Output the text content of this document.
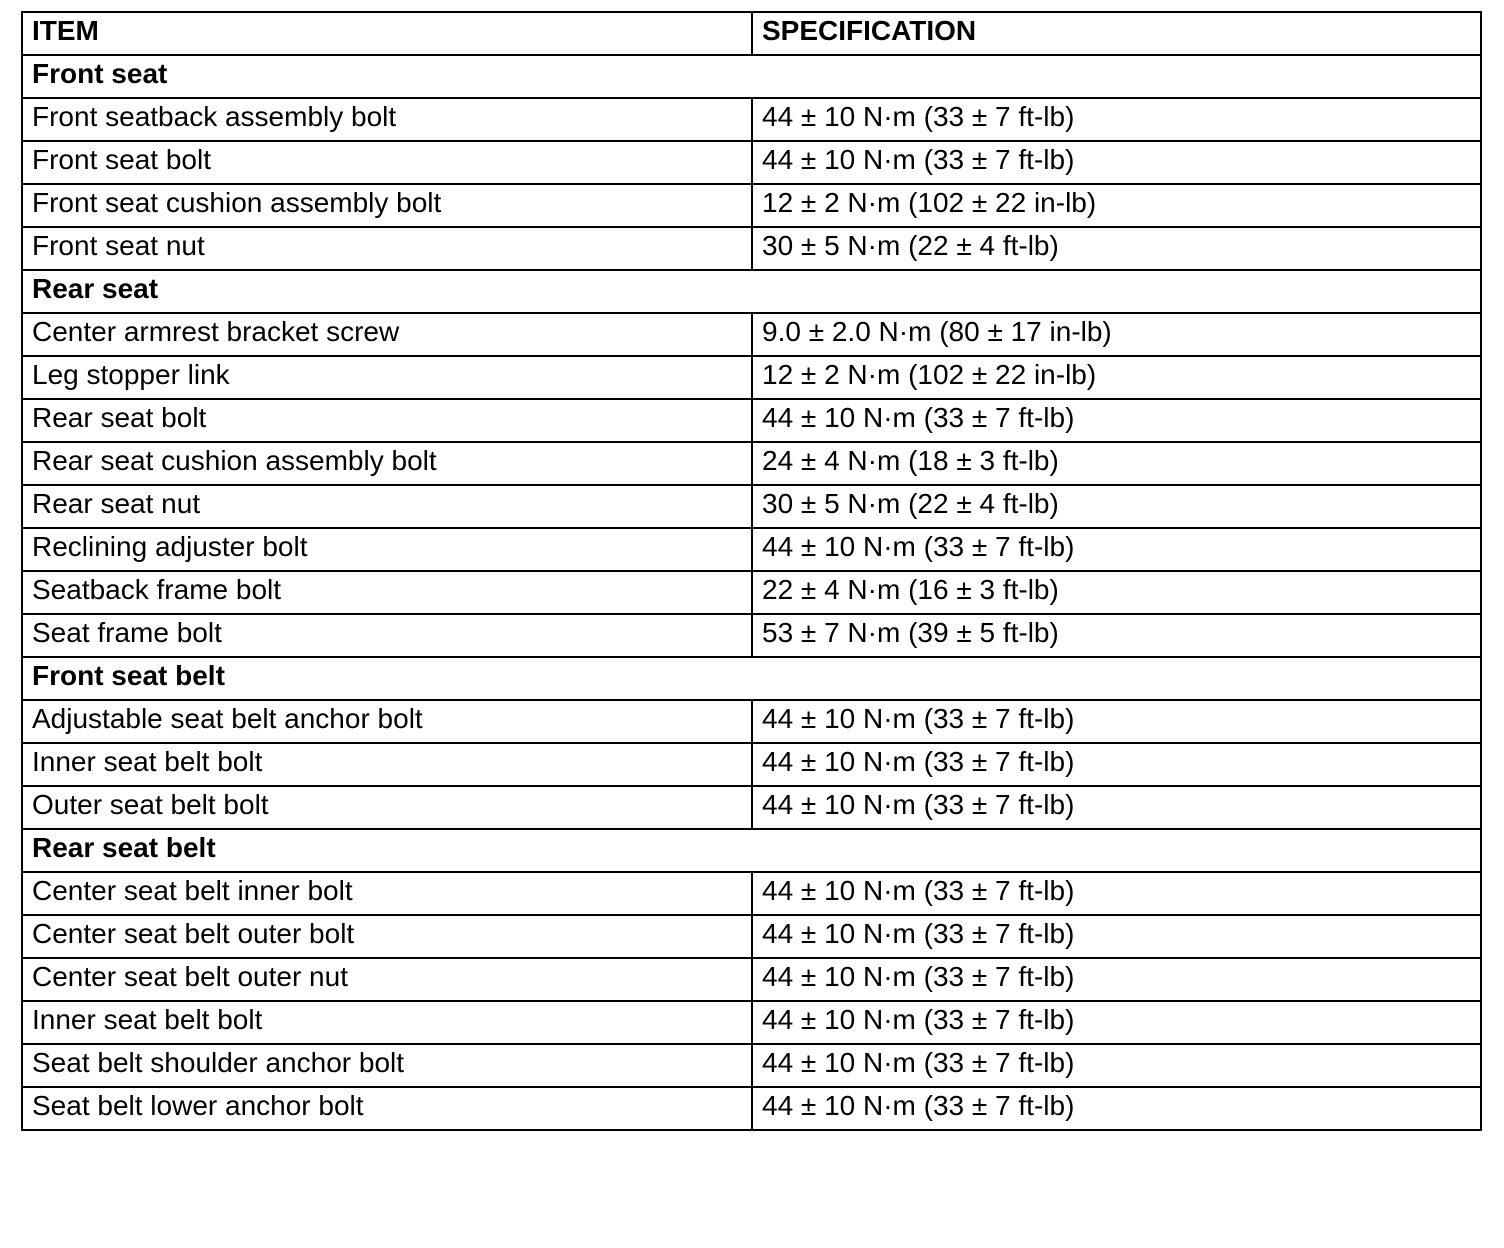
ITEM	SPECIFICATION
Front seat	
Front seatback assembly bolt	44 ± 10 N·m (33 ± 7 ft-lb)
Front seat bolt	44 ± 10 N·m (33 ± 7 ft-lb)
Front seat cushion assembly bolt	12 ± 2 N·m (102 ± 22 in-lb)
Front seat nut	30 ± 5 N·m (22 ± 4 ft-lb)
Rear seat	
Center armrest bracket screw	9.0 ± 2.0 N·m (80 ± 17 in-lb)
Leg stopper link	12 ± 2 N·m (102 ± 22 in-lb)
Rear seat bolt	44 ± 10 N·m (33 ± 7 ft-lb)
Rear seat cushion assembly bolt	24 ± 4 N·m (18 ± 3 ft-lb)
Rear seat nut	30 ± 5 N·m (22 ± 4 ft-lb)
Reclining adjuster bolt	44 ± 10 N·m (33 ± 7 ft-lb)
Seatback frame bolt	22 ± 4 N·m (16 ± 3 ft-lb)
Seat frame bolt	53 ± 7 N·m (39 ± 5 ft-lb)
Front seat belt	
Adjustable seat belt anchor bolt	44 ± 10 N·m (33 ± 7 ft-lb)
Inner seat belt bolt	44 ± 10 N·m (33 ± 7 ft-lb)
Outer seat belt bolt	44 ± 10 N·m (33 ± 7 ft-lb)
Rear seat belt	
Center seat belt inner bolt	44 ± 10 N·m (33 ± 7 ft-lb)
Center seat belt outer bolt	44 ± 10 N·m (33 ± 7 ft-lb)
Center seat belt outer nut	44 ± 10 N·m (33 ± 7 ft-lb)
Inner seat belt bolt	44 ± 10 N·m (33 ± 7 ft-lb)
Seat belt shoulder anchor bolt	44 ± 10 N·m (33 ± 7 ft-lb)
Seat belt lower anchor bolt	44 ± 10 N·m (33 ± 7 ft-lb)
